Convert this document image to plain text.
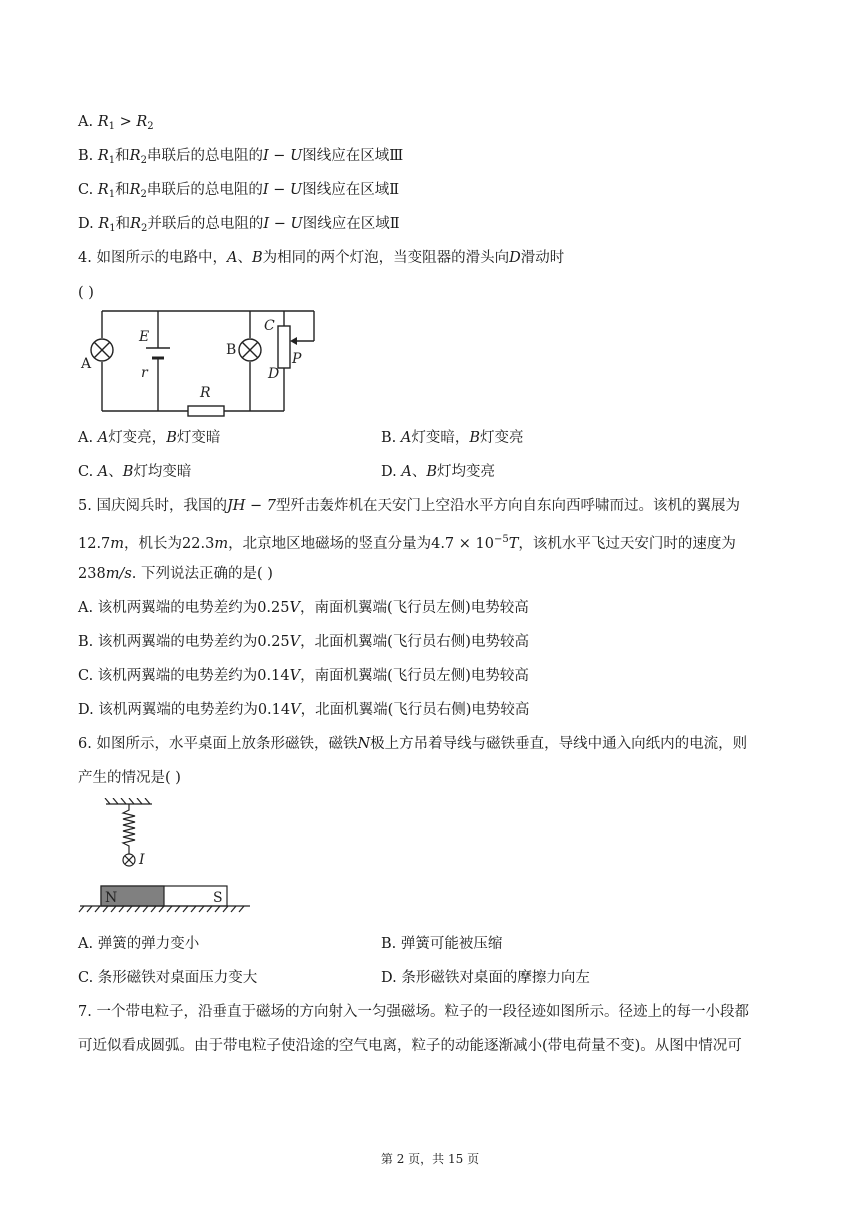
A. $R_1 > R_2$
B. $R_1$和$R_2$串联后的总电阻的I − U图线应在区域Ⅲ
C. $R_1$和$R_2$串联后的总电阻的I − U图线应在区域Ⅱ
D. $R_1$和$R_2$并联后的总电阻的I − U图线应在区域Ⅱ
4. 如图所示的电路中，A、B为相同的两个灯泡，当变阻器的滑头向D滑动时
( )
A
E
r
B
C
P
D
R
A. A灯变亮，B灯变暗	B. A灯变暗，B灯变亮
C. A、B灯均变暗	D. A、B灯均变亮
5. 国庆阅兵时，我国的JH − 7型歼击轰炸机在天安门上空沿水平方向自东向西呼啸而过。该机的翼展为
12.7m，机长为22.3m，北京地区地磁场的竖直分量为$4.7 \times 10^{-5}T$，该机水平飞过天安门时的速度为
238m/s. 下列说法正确的是( )
A. 该机两翼端的电势差约为0.25V，南面机翼端(飞行员左侧)电势较高
B. 该机两翼端的电势差约为0.25V，北面机翼端(飞行员右侧)电势较高
C. 该机两翼端的电势差约为0.14V，南面机翼端(飞行员左侧)电势较高
D. 该机两翼端的电势差约为0.14V，北面机翼端(飞行员右侧)电势较高
6. 如图所示，水平桌面上放条形磁铁，磁铁N极上方吊着导线与磁铁垂直，导线中通入向纸内的电流，则
产生的情况是( )
I
N	S
A. 弹簧的弹力变小	B. 弹簧可能被压缩
C. 条形磁铁对桌面压力变大	D. 条形磁铁对桌面的摩擦力向左
7. 一个带电粒子，沿垂直于磁场的方向射入一匀强磁场。粒子的一段径迹如图所示。径迹上的每一小段都
可近似看成圆弧。由于带电粒子使沿途的空气电离，粒子的动能逐渐减小(带电荷量不变)。从图中情况可
第 2 页，共 15 页
